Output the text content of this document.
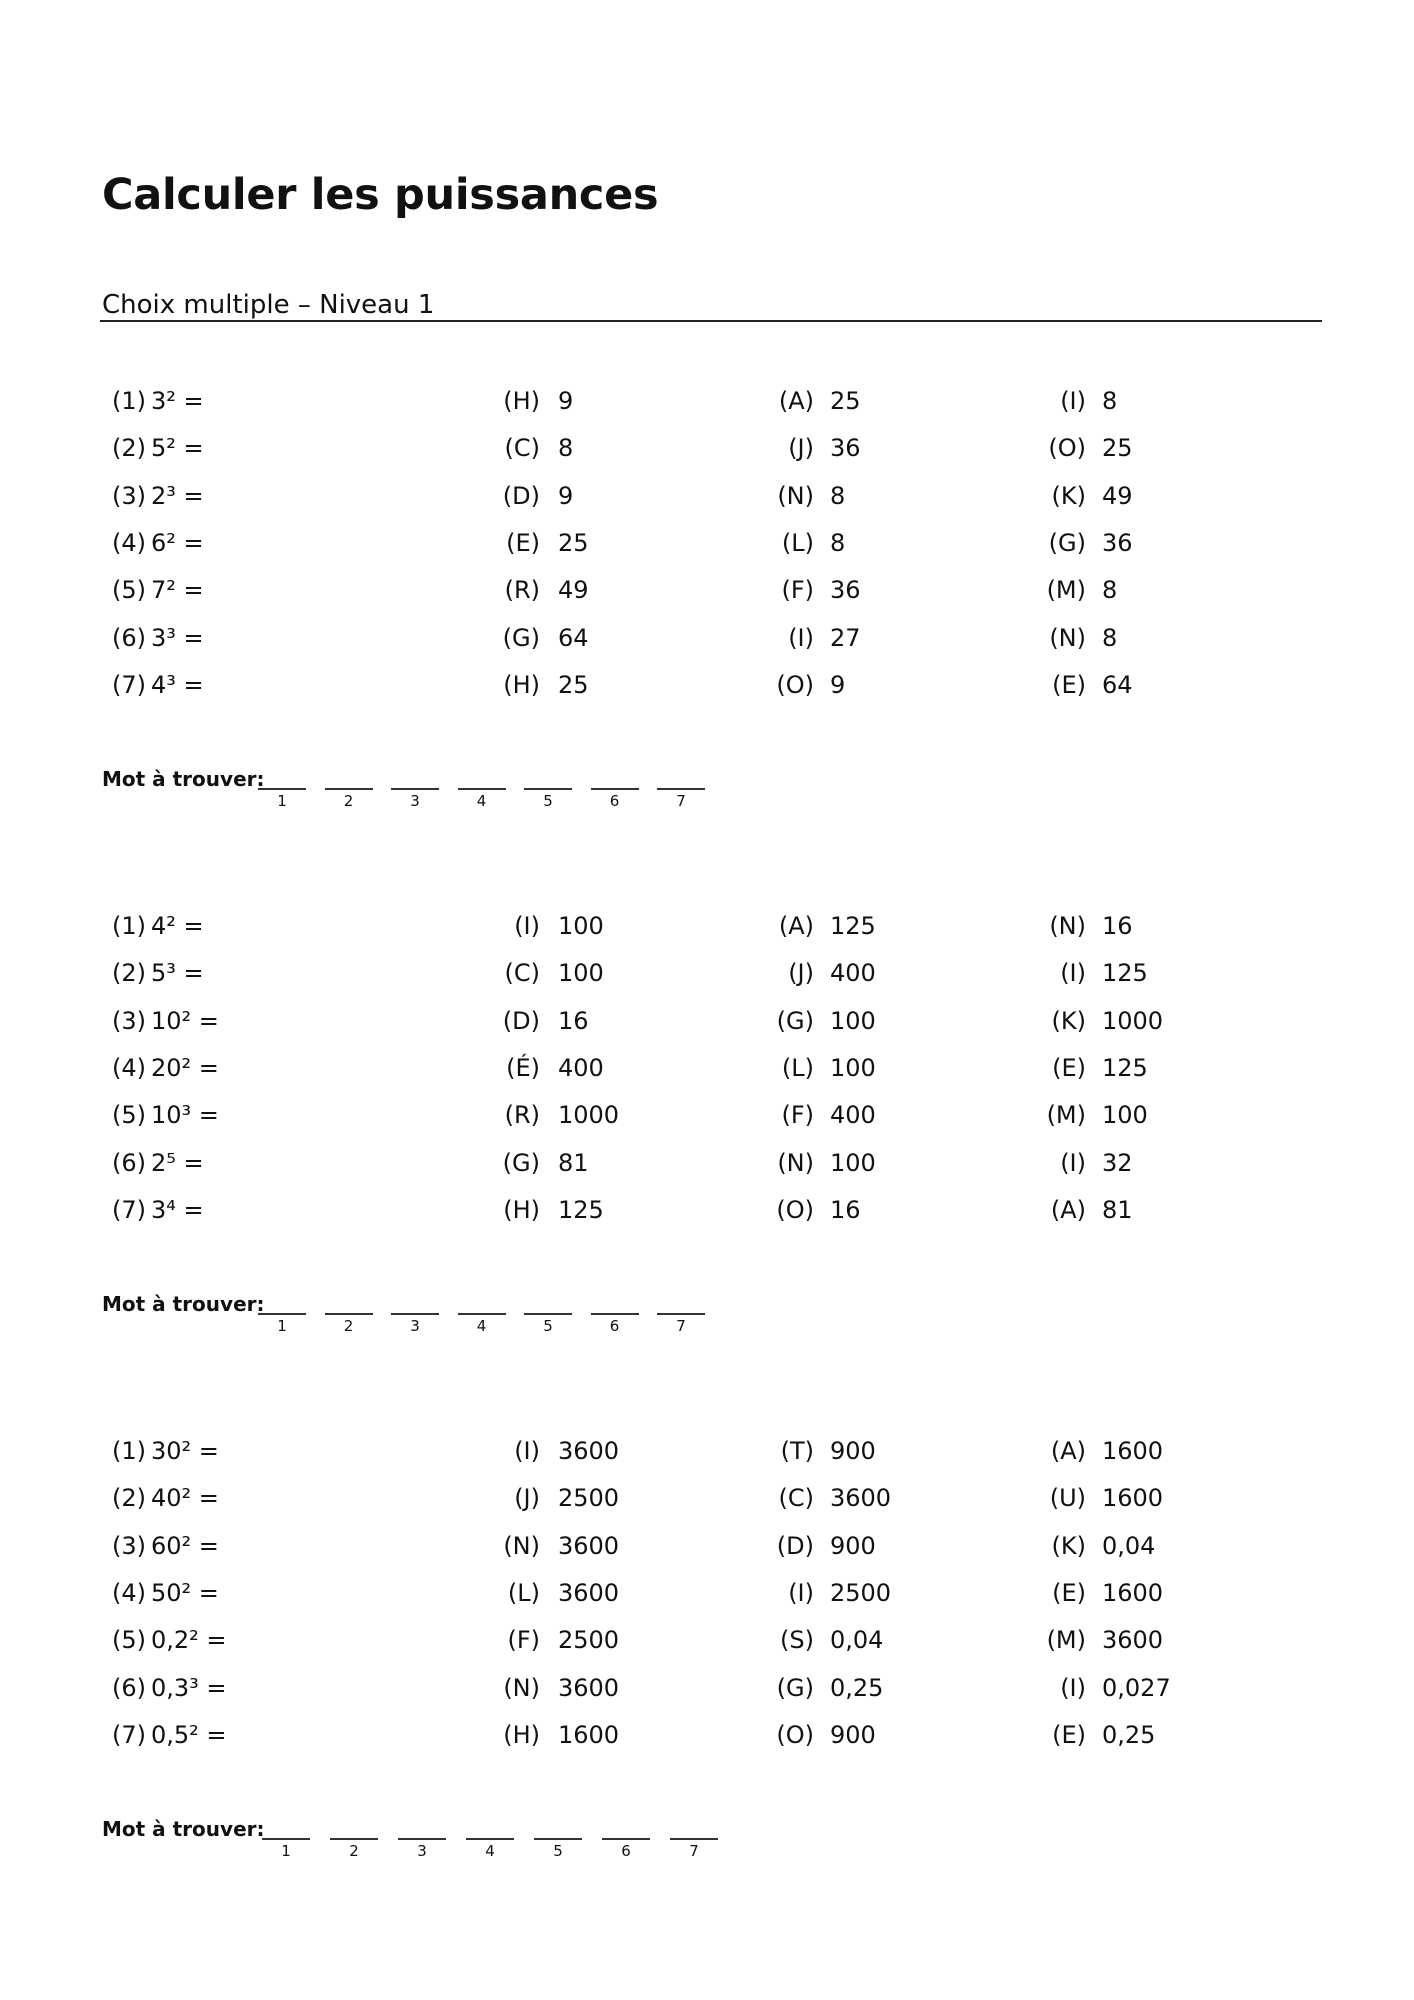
Calculer les puissances
Choix multiple – Niveau 1
(1) 3² =	(H) 9	(A) 25	(I) 8
(2) 5² =	(C) 8	(J) 36	(O) 25
(3) 2³ =	(D) 9	(N) 8	(K) 49
(4) 6² =	(E) 25	(L) 8	(G) 36
(5) 7² =	(R) 49	(F) 36	(M) 8
(6) 3³ =	(G) 64	(I) 27	(N) 8
(7) 4³ =	(H) 25	(O) 9	(E) 64
Mot à trouver:
1	2	3	4	5	6	7
(1) 4² =	(I) 100	(A) 125	(N) 16
(2) 5³ =	(C) 100	(J) 400	(I) 125
(3) 10² =	(D) 16	(G) 100	(K) 1000
(4) 20² =	(É) 400	(L) 100	(E) 125
(5) 10³ =	(R) 1000	(F) 400	(M) 100
(6) 2⁵ =	(G) 81	(N) 100	(I) 32
(7) 3⁴ =	(H) 125	(O) 16	(A) 81
Mot à trouver:
1	2	3	4	5	6	7
(1) 30² =	(I) 3600	(T) 900	(A) 1600
(2) 40² =	(J) 2500	(C) 3600	(U) 1600
(3) 60² =	(N) 3600	(D) 900	(K) 0,04
(4) 50² =	(L) 3600	(I) 2500	(E) 1600
(5) 0,2² =	(F) 2500	(S) 0,04	(M) 3600
(6) 0,3³ =	(N) 3600	(G) 0,25	(I) 0,027
(7) 0,5² =	(H) 1600	(O) 900	(E) 0,25
Mot à trouver:
1	2	3	4	5	6	7
